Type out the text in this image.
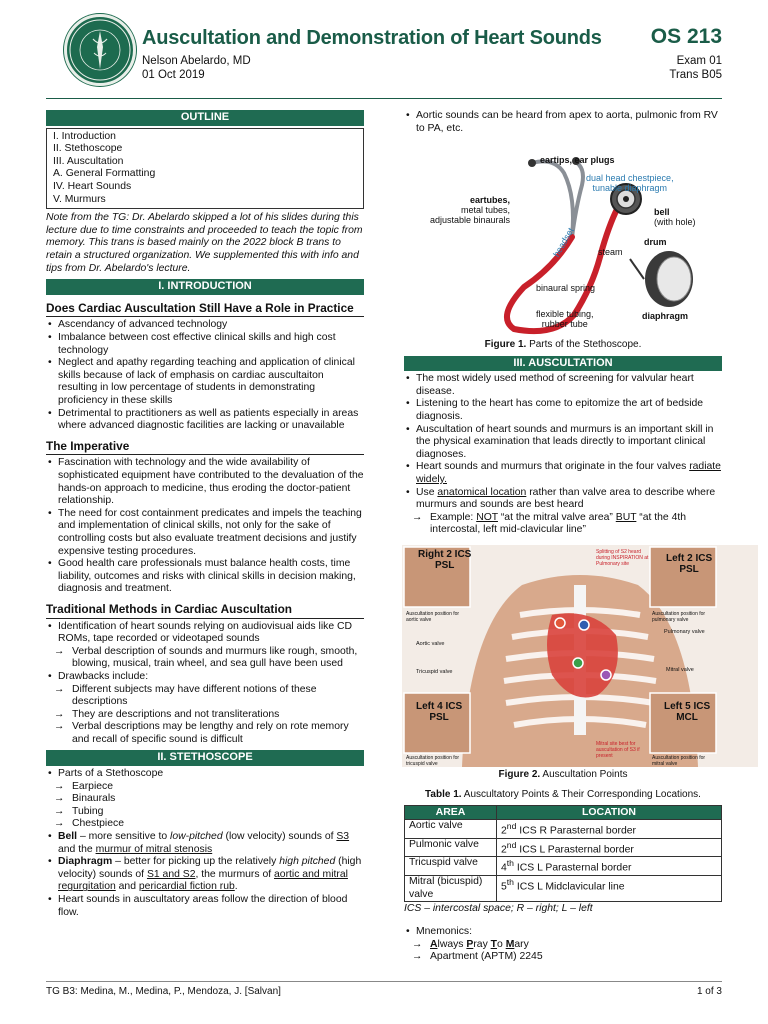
Auscultation and Demonstration of Heart Sounds
Nelson Abelardo, MD
01 Oct 2019
OS 213
Exam 01
Trans B05
OUTLINE
I. Introduction
II. Stethoscope
III. Auscultation
A. General Formatting
IV. Heart Sounds
V. Murmurs
Note from the TG: Dr. Abelardo skipped a lot of his slides during this lecture due to time constraints and proceeded to teach the topic from memory. This trans is based mainly on the 2022 block B trans to retain a structured organization. We supplemented this with info and tips from Dr. Abelardo's lecture.
I. INTRODUCTION
Does Cardiac Auscultation Still Have a Role in Practice
• Ascendancy of advanced technology
• Imbalance between cost effective clinical skills and high cost technology
• Neglect and apathy regarding teaching and application of clinical skills because of lack of emphasis on cardiac auscultaiton resulting in low percentage of students in demonstrating proficiency in these skills
• Detrimental to practitioners as well as patients especially in areas where advanced diagnostic facilities are lacking or unavailable
The Imperative
• Fascination with technology and the wide availability of sophisticated equipment have contributed to the devaluation of the hands-on approach to medicine, thus eroding the doctor-patient relationship.
• The need for cost containment predicates and impels the teaching and implementation of clinical skills, not only for the sake of controlling costs but also evaluate treatment decisions and justify expensive testing procedures.
• Good health care professionals must balance health costs, time liability, outcomes and risks with clinical skills in decision making, diagnosis and treatment.
Traditional Methods in Cardiac Auscultation
• Identification of heart sounds relying on audiovisual aids like CD ROMs, tape recorded or videotaped sounds
→ Verbal description of sounds and murmurs like rough, smooth, blowing, musical, train wheel, and sea gull have been used
• Drawbacks include:
→ Different subjects may have different notions of these descriptions
→ They are descriptions and not transliterations
→ Verbal descriptions may be lengthy and rely on rote memory and recall of specific sound is difficult
II. STETHOSCOPE
• Parts of a Stethoscope
→ Earpiece
→ Binaurals
→ Tubing
→ Chestpiece
• Bell – more sensitive to low-pitched (low velocity) sounds of S3 and the murmur of mitral stenosis
• Diaphragm – better for picking up the relatively high pitched (high velocity) sounds of S1 and S2, the murmurs of aortic and mitral regurgitation and pericardial fiction rub.
• Heart sounds in auscultatory areas follow the direction of blood flow.
• Aortic sounds can be heard from apex to aorta, pulmonic from RV to PA, etc.
eartips, ear plugs
dual head chestpiece,
tunable diaphragm
eartubes,
metal tubes,
adjustable binaurals
bell
(with hole)
headset steam
drum
binaural spring
flexible tubing,
rubber tube
diaphragm
Figure 1. Parts of the Stethoscope.
III. AUSCULTATION
• The most widely used method of screening for valvular heart disease.
• Listening to the heart has come to epitomize the art of bedside diagnosis.
• Auscultation of heart sounds and murmurs is an important skill in the physical examination that leads directly to important clinical diagnoses.
• Heart sounds and murmurs that originate in the four valves radiate widely.
• Use anatomical location rather than valve area to describe where murmurs and sounds are best heard
→ Example: NOT “at the mitral valve area” BUT “at the 4th intercostal, left mid-clavicular line”
Right 2 ICS
PSL
Left 2 ICS
PSL
Left 4 ICS
PSL
Left 5 ICS
MCL
Splitting of S2 heard during INSPIRATION at Pulmonary site
Auscultation position for aortic valve
Auscultation position for pulmonary valve
Aortic valve
Pulmonary valve
Tricuspid valve	Mitral valve
Auscultation position for tricuspid valve
Auscultation position for mitral valve
Mitral site best for auscultation of S3 if present
Figure 2. Auscultation Points
Table 1. Auscultatory Points & Their Corresponding Locations.
AREA	LOCATION
Aortic valve	2nd ICS R Parasternal border
Pulmonic valve	2nd ICS L Parasternal border
Tricuspid valve	4th ICS L Parasternal border
Mitral (bicuspid) valve	5th ICS L Midclavicular line
ICS – intercostal space; R – right; L – left
• Mnemonics:
→ Always Pray To Mary
→ Apartment (APTM) 2245
TG B3: Medina, M., Medina, P., Mendoza, J. [Salvan]	1 of 3
